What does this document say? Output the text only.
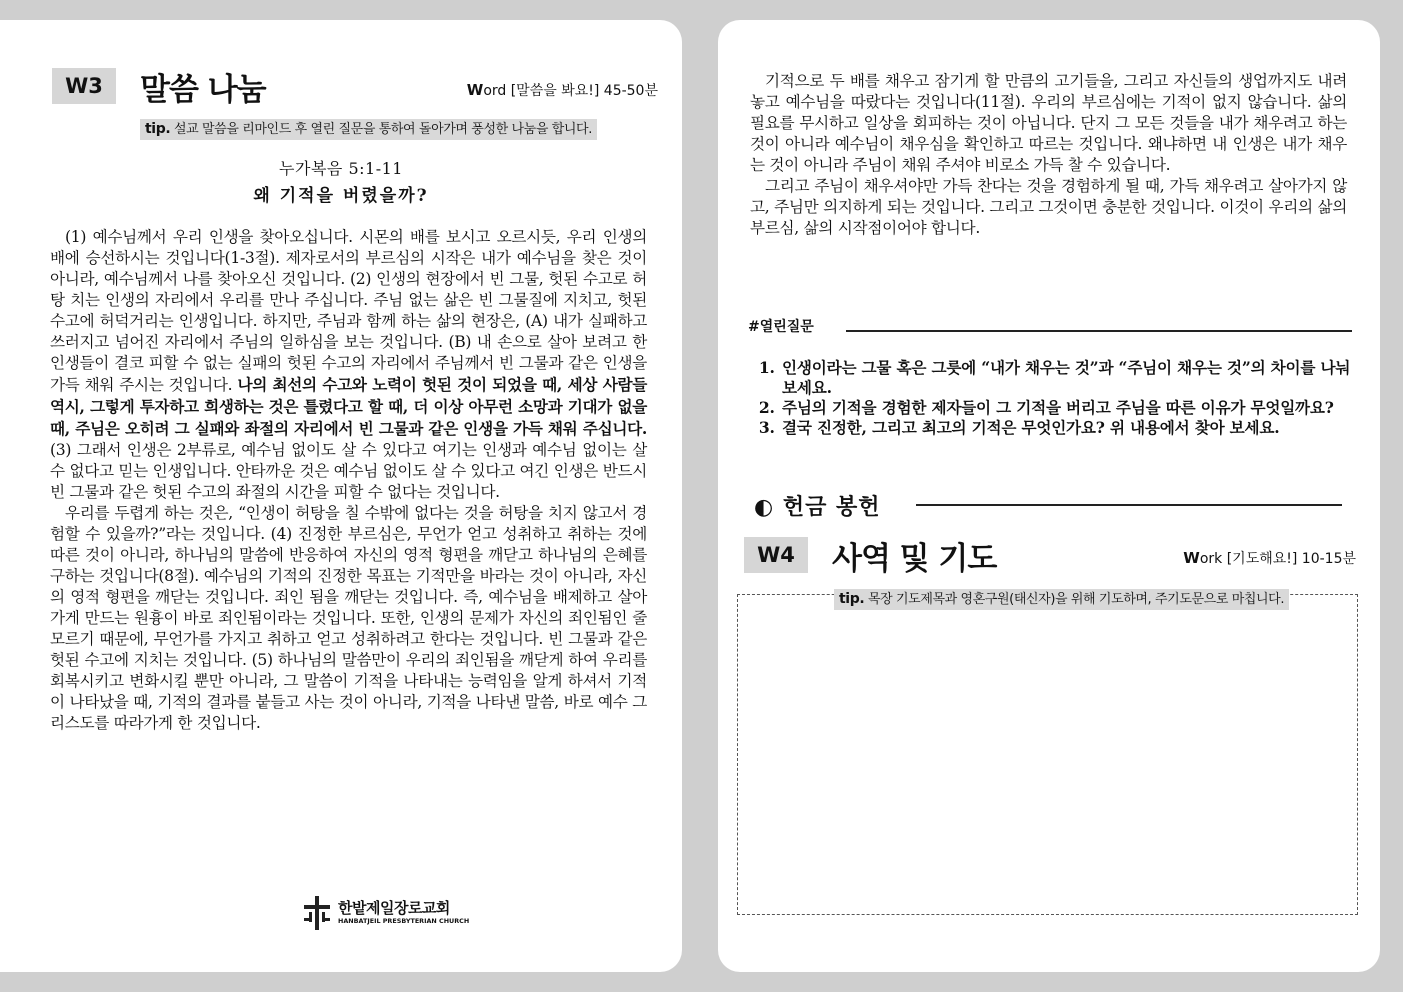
W3	말씀 나눔	Word [말씀을 봐요!] 45-50분
tip. 설교 말씀을 리마인드 후 열린 질문을 통하여 돌아가며 풍성한 나눔을 합니다.
누가복음 5:1-11
왜 기적을 버렸을까?

(1) 예수님께서 우리 인생을 찾아오십니다. 시몬의 배를 보시고 오르시듯, 우리 인생의 배에 승선하시는 것입니다(1-3절). 제자로서의 부르심의 시작은 내가 예수님을 찾은 것이 아니라, 예수님께서 나를 찾아오신 것입니다. (2) 인생의 현장에서 빈 그물, 헛된 수고로 허탕 치는 인생의 자리에서 우리를 만나 주십니다. 주님 없는 삶은 빈 그물질에 지치고, 헛된 수고에 허덕거리는 인생입니다. 하지만, 주님과 함께 하는 삶의 현장은, (A) 내가 실패하고 쓰러지고 넘어진 자리에서 주님의 일하심을 보는 것입니다. (B) 내 손으로 살아 보려고 한 인생들이 결코 피할 수 없는 실패의 헛된 수고의 자리에서 주님께서 빈 그물과 같은 인생을 가득 채워 주시는 것입니다. 나의 최선의 수고와 노력이 헛된 것이 되었을 때, 세상 사람들 역시, 그렇게 투자하고 희생하는 것은 틀렸다고 할 때, 더 이상 아무런 소망과 기대가 없을 때, 주님은 오히려 그 실패와 좌절의 자리에서 빈 그물과 같은 인생을 가득 채워 주십니다. (3) 그래서 인생은 2부류로, 예수님 없이도 살 수 있다고 여기는 인생과 예수님 없이는 살 수 없다고 믿는 인생입니다. 안타까운 것은 예수님 없이도 살 수 있다고 여긴 인생은 반드시 빈 그물과 같은 헛된 수고의 좌절의 시간을 피할 수 없다는 것입니다.

우리를 두렵게 하는 것은, “인생이 허탕을 칠 수밖에 없다는 것을 허탕을 치지 않고서 경험할 수 있을까?”라는 것입니다. (4) 진정한 부르심은, 무언가 얻고 성취하고 취하는 것에 따른 것이 아니라, 하나님의 말씀에 반응하여 자신의 영적 형편을 깨닫고 하나님의 은혜를 구하는 것입니다(8절). 예수님의 기적의 진정한 목표는 기적만을 바라는 것이 아니라, 자신의 영적 형편을 깨닫는 것입니다. 죄인 됨을 깨닫는 것입니다. 즉, 예수님을 배제하고 살아가게 만드는 원흉이 바로 죄인됨이라는 것입니다. 또한, 인생의 문제가 자신의 죄인됨인 줄 모르기 때문에, 무언가를 가지고 취하고 얻고 성취하려고 한다는 것입니다. 빈 그물과 같은 헛된 수고에 지치는 것입니다. (5) 하나님의 말씀만이 우리의 죄인됨을 깨닫게 하여 우리를 회복시키고 변화시킬 뿐만 아니라, 그 말씀이 기적을 나타내는 능력임을 알게 하셔서 기적이 나타났을 때, 기적의 결과를 붙들고 사는 것이 아니라, 기적을 나타낸 말씀, 바로 예수 그리스도를 따라가게 한 것입니다.

한밭제일장로교회
HANBATJEIL PRESBYTERIAN CHURCH

기적으로 두 배를 채우고 잠기게 할 만큼의 고기들을, 그리고 자신들의 생업까지도 내려놓고 예수님을 따랐다는 것입니다(11절). 우리의 부르심에는 기적이 없지 않습니다. 삶의 필요를 무시하고 일상을 회피하는 것이 아닙니다. 단지 그 모든 것들을 내가 채우려고 하는 것이 아니라 예수님이 채우심을 확인하고 따르는 것입니다. 왜냐하면 내 인생은 내가 채우는 것이 아니라 주님이 채워 주셔야 비로소 가득 찰 수 있습니다.

그리고 주님이 채우셔야만 가득 찬다는 것을 경험하게 될 때, 가득 채우려고 살아가지 않고, 주님만 의지하게 되는 것입니다. 그리고 그것이면 충분한 것입니다. 이것이 우리의 삶의 부르심, 삶의 시작점이어야 합니다.

#열린질문
1. 인생이라는 그물 혹은 그릇에 “내가 채우는 것”과 “주님이 채우는 것”의 차이를 나눠보세요.
2. 주님의 기적을 경험한 제자들이 그 기적을 버리고 주님을 따른 이유가 무엇일까요?
3. 결국 진정한, 그리고 최고의 기적은 무엇인가요? 위 내용에서 찾아 보세요.
◐ 헌금 봉헌
W4	사역 및 기도	Work [기도해요!] 10-15분
tip. 목장 기도제목과 영혼구원(태신자)을 위해 기도하며, 주기도문으로 마칩니다.
